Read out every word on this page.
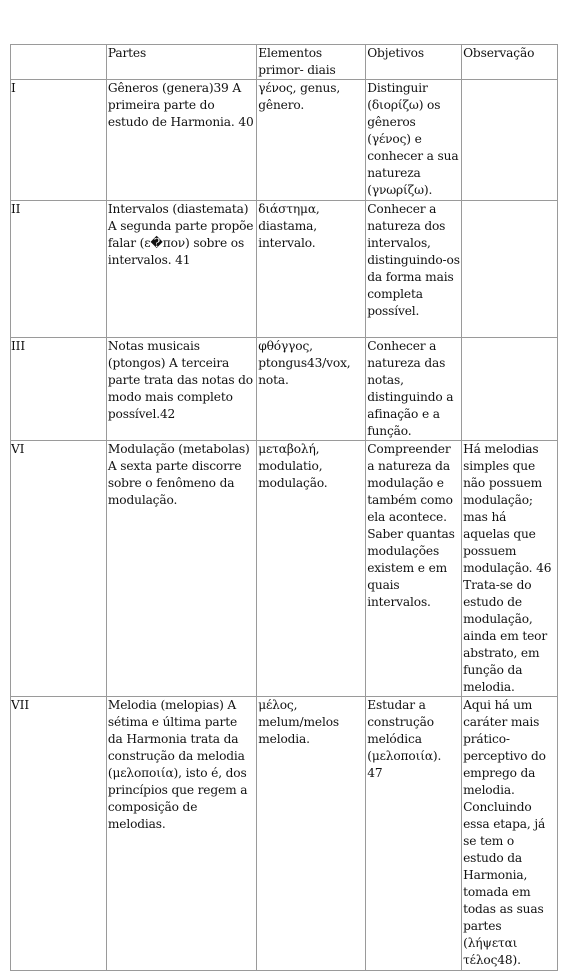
	Partes	Elementos primor- diais	Objetivos	Observação
I	Gêneros (genera)39 A primeira parte do estudo de Harmonia. 40	γένος, genus, gênero.	Distinguir (διορίζω) os gêneros (γένος) e conhecer a sua natureza (γνωρίζω).	
II	Intervalos (diastemata) A segunda parte propõe falar (ε�πον) sobre os intervalos. 41	διάστημα, diastama, intervalo.	Conhecer a natureza dos intervalos, distinguindo-os da forma mais completa possível.	
III	Notas musicais (ptongos) A terceira parte trata das notas do modo mais completo possível.42	φθόγγος, ptongus43/vox, nota.	Conhecer a natureza das notas, distinguindo a afinação e a função.	
VI	Modulação (metabolas) A sexta parte discorre sobre o fenômeno da modulação.	μεταβολή, modulatio, modulação.	Compreender a natureza da modulação e também como ela acontece. Saber quantas modulações existem e em quais intervalos.	Há melodias simples que não possuem modulação; mas há aquelas que possuem modulação. 46 Trata-se do estudo de modulação, ainda em teor abstrato, em função da melodia.
VII	Melodia (melopias) A sétima e última parte da Harmonia trata da construção da melodia (μελοποιία), isto é, dos princípios que regem a composição de melodias.	μέλος, melum/melos melodia.	Estudar a construção melódica (μελοποιία). 47	Aqui há um caráter mais prático-perceptivo do emprego da melodia. Concluindo essa etapa, já se tem o estudo da Harmonia, tomada em todas as suas partes (λήψεται τέλος48).
